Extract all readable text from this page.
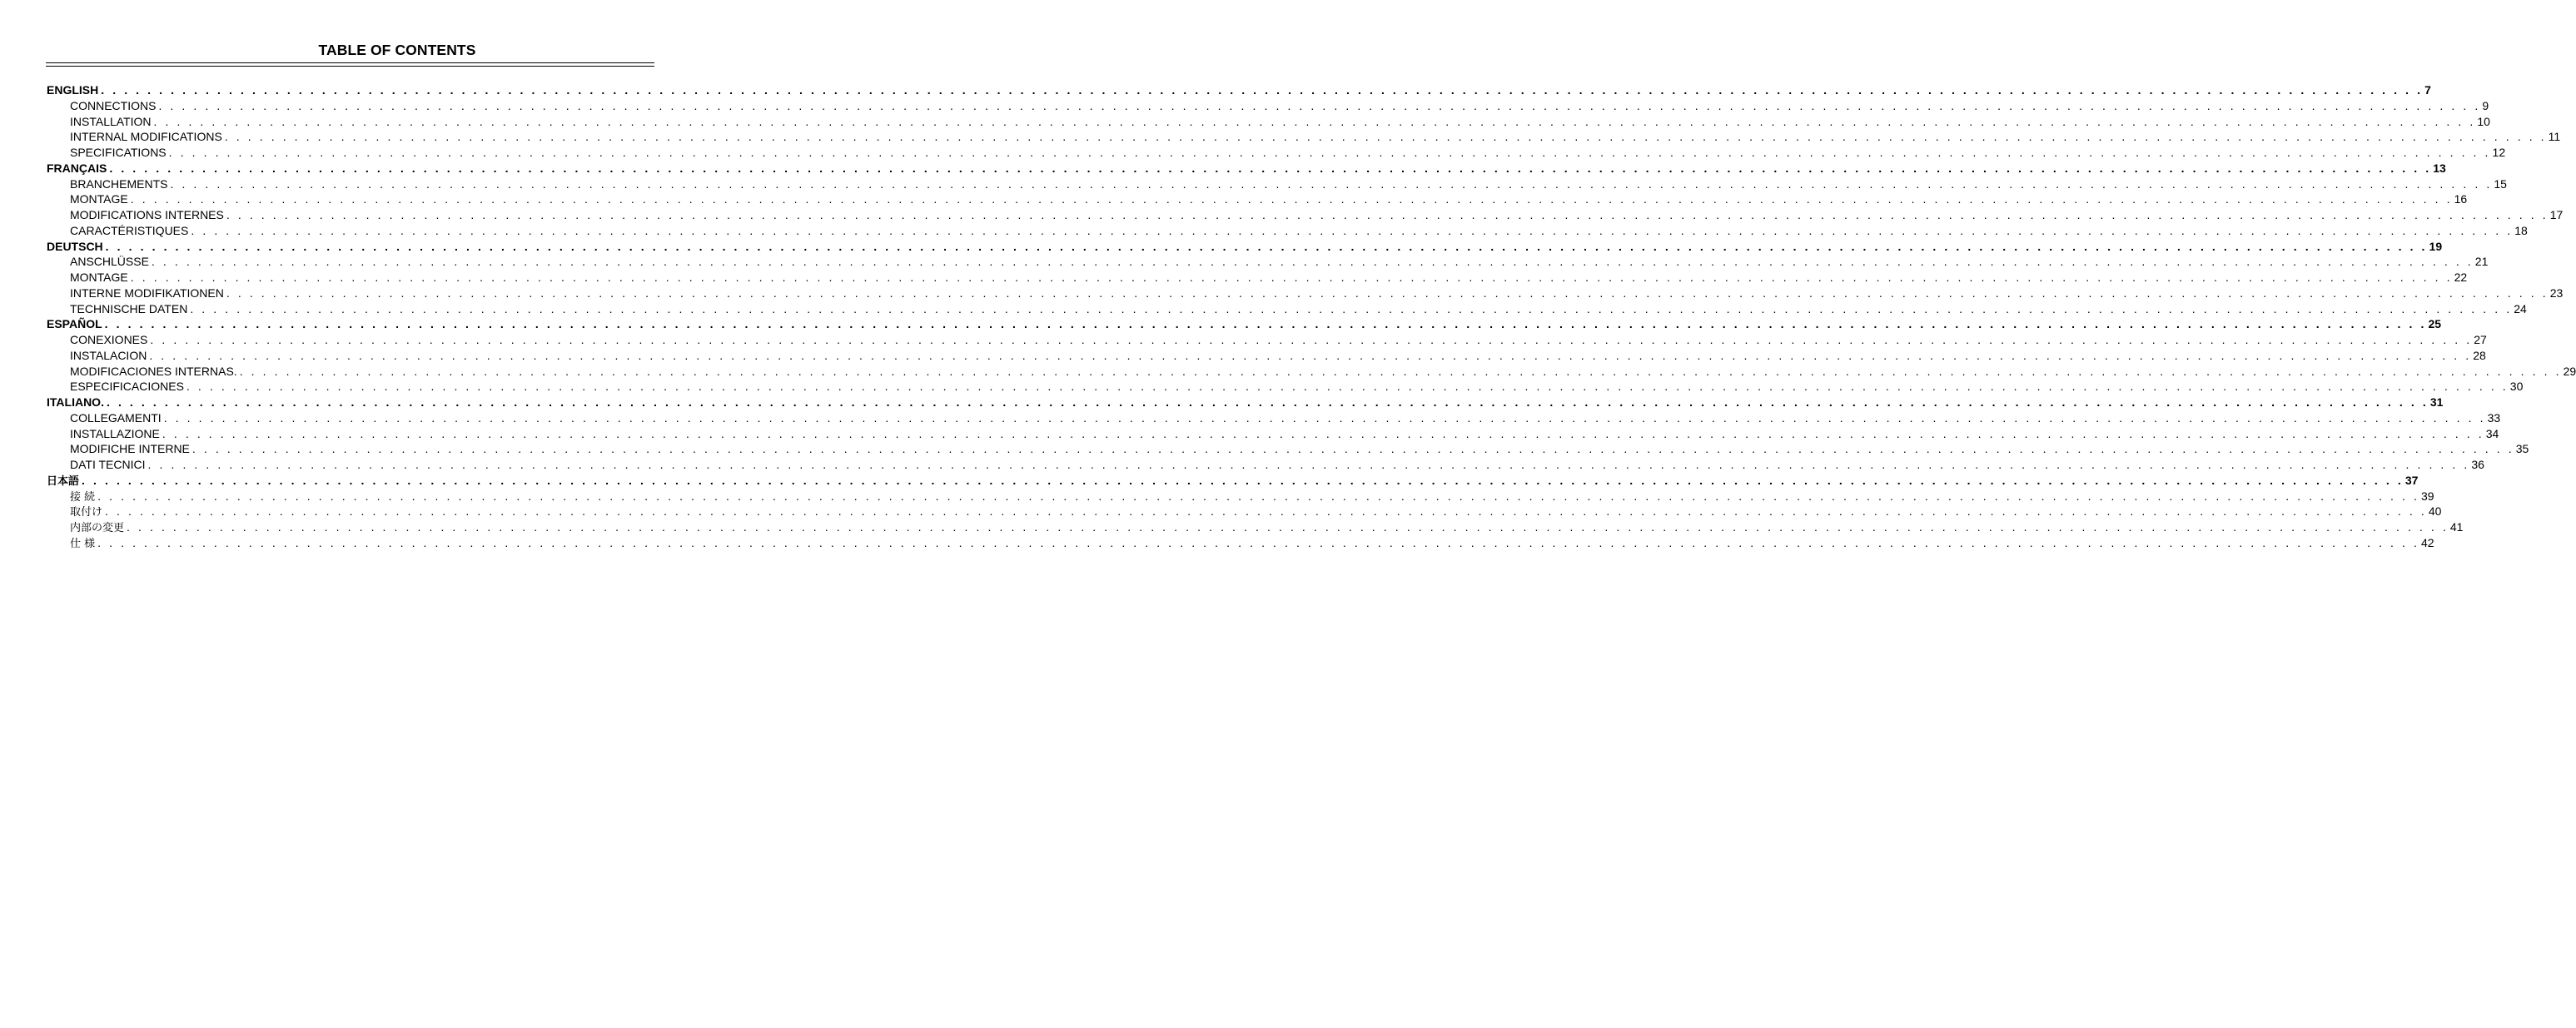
TABLE OF CONTENTS
ENGLISH . . . . . . . . . . . . . . . . . . . . . . . . . . . . . . . . . . . . . . . . . . . . . . . . . . . . . . . . . . . . . . . . . . . . . . . . . . . . . . . . . . . . . . . . . . . . . . . . . . . . . . . . . . . . . . . . . . . . . . . . . . . . . . . . . . . . . . . . . . . . . . . . . . . . . . . . . . . . . . . . . . . . . . . . . . . . . . . . . . . . . . . . . . . . . . . . . . . . . . . . 7
CONNECTIONS . . . . . . . . . . . . . . . . . . . . . . . . . . . . . . . . . . . . . . . . . . . . . . . . . . . . . . . . . . . . . . . . . . . . . . . . . . . . . . . . . . . . . . . . . . . . . . . . . . . . . . . . . . . . . . . . . . . . . . . . . . . . . . . . . . . . . . . . . . . . . . . . . . . . . . . . . . . . . . . . . . . . . . . . . . . . . . . . . . . . . . . . . . . . . . . . . . . . . . . . 9
INSTALLATION . . . . . . . . . . . . . . . . . . . . . . . . . . . . . . . . . . . . . . . . . . . . . . . . . . . . . . . . . . . . . . . . . . . . . . . . . . . . . . . . . . . . . . . . . . . . . . . . . . . . . . . . . . . . . . . . . . . . . . . . . . . . . . . . . . . . . . . . . . . . . . . . . . . . . . . . . . . . . . . . . . . . . . . . . . . . . . . . . . . . . . . . . . . . . . . . . . . . . . . . 10
INTERNAL MODIFICATIONS . . . . . . . . . . . . . . . . . . . . . . . . . . . . . . . . . . . . . . . . . . . . . . . . . . . . . . . . . . . . . . . . . . . . . . . . . . . . . . . . . . . . . . . . . . . . . . . . . . . . . . . . . . . . . . . . . . . . . . . . . . . . . . . . . . . . . . . . . . . . . . . . . . . . . . . . . . . . . . . . . . . . . . . . . . . . . . . . . . . . . . . . . . . . . . . . . . . . . . . . 11
SPECIFICATIONS . . . . . . . . . . . . . . . . . . . . . . . . . . . . . . . . . . . . . . . . . . . . . . . . . . . . . . . . . . . . . . . . . . . . . . . . . . . . . . . . . . . . . . . . . . . . . . . . . . . . . . . . . . . . . . . . . . . . . . . . . . . . . . . . . . . . . . . . . . . . . . . . . . . . . . . . . . . . . . . . . . . . . . . . . . . . . . . . . . . . . . . . . . . . . . . . . . . . . . . . 12
FRANÇAIS . . . . . . . . . . . . . . . . . . . . . . . . . . . . . . . . . . . . . . . . . . . . . . . . . . . . . . . . . . . . . . . . . . . . . . . . . . . . . . . . . . . . . . . . . . . . . . . . . . . . . . . . . . . . . . . . . . . . . . . . . . . . . . . . . . . . . . . . . . . . . . . . . . . . . . . . . . . . . . . . . . . . . . . . . . . . . . . . . . . . . . . . . . . . . . . . . . . . . . . . 13
BRANCHEMENTS . . . . . . . . . . . . . . . . . . . . . . . . . . . . . . . . . . . . . . . . . . . . . . . . . . . . . . . . . . . . . . . . . . . . . . . . . . . . . . . . . . . . . . . . . . . . . . . . . . . . . . . . . . . . . . . . . . . . . . . . . . . . . . . . . . . . . . . . . . . . . . . . . . . . . . . . . . . . . . . . . . . . . . . . . . . . . . . . . . . . . . . . . . . . . . . . . . . . . . . . 15
MONTAGE . . . . . . . . . . . . . . . . . . . . . . . . . . . . . . . . . . . . . . . . . . . . . . . . . . . . . . . . . . . . . . . . . . . . . . . . . . . . . . . . . . . . . . . . . . . . . . . . . . . . . . . . . . . . . . . . . . . . . . . . . . . . . . . . . . . . . . . . . . . . . . . . . . . . . . . . . . . . . . . . . . . . . . . . . . . . . . . . . . . . . . . . . . . . . . . . . . . . . . . . 16
MODIFICATIONS INTERNES . . . . . . . . . . . . . . . . . . . . . . . . . . . . . . . . . . . . . . . . . . . . . . . . . . . . . . . . . . . . . . . . . . . . . . . . . . . . . . . . . . . . . . . . . . . . . . . . . . . . . . . . . . . . . . . . . . . . . . . . . . . . . . . . . . . . . . . . . . . . . . . . . . . . . . . . . . . . . . . . . . . . . . . . . . . . . . . . . . . . . . . . . . . . . . . . . . . . . . . . 17
CARACTÉRISTIQUES . . . . . . . . . . . . . . . . . . . . . . . . . . . . . . . . . . . . . . . . . . . . . . . . . . . . . . . . . . . . . . . . . . . . . . . . . . . . . . . . . . . . . . . . . . . . . . . . . . . . . . . . . . . . . . . . . . . . . . . . . . . . . . . . . . . . . . . . . . . . . . . . . . . . . . . . . . . . . . . . . . . . . . . . . . . . . . . . . . . . . . . . . . . . . . . . . . . . . . . . 18
DEUTSCH . . . . . . . . . . . . . . . . . . . . . . . . . . . . . . . . . . . . . . . . . . . . . . . . . . . . . . . . . . . . . . . . . . . . . . . . . . . . . . . . . . . . . . . . . . . . . . . . . . . . . . . . . . . . . . . . . . . . . . . . . . . . . . . . . . . . . . . . . . . . . . . . . . . . . . . . . . . . . . . . . . . . . . . . . . . . . . . . . . . . . . . . . . . . . . . . . . . . . . . . 19
ANSCHLÜSSE . . . . . . . . . . . . . . . . . . . . . . . . . . . . . . . . . . . . . . . . . . . . . . . . . . . . . . . . . . . . . . . . . . . . . . . . . . . . . . . . . . . . . . . . . . . . . . . . . . . . . . . . . . . . . . . . . . . . . . . . . . . . . . . . . . . . . . . . . . . . . . . . . . . . . . . . . . . . . . . . . . . . . . . . . . . . . . . . . . . . . . . . . . . . . . . . . . . . . . . . 21
MONTAGE . . . . . . . . . . . . . . . . . . . . . . . . . . . . . . . . . . . . . . . . . . . . . . . . . . . . . . . . . . . . . . . . . . . . . . . . . . . . . . . . . . . . . . . . . . . . . . . . . . . . . . . . . . . . . . . . . . . . . . . . . . . . . . . . . . . . . . . . . . . . . . . . . . . . . . . . . . . . . . . . . . . . . . . . . . . . . . . . . . . . . . . . . . . . . . . . . . . . . . . . 22
INTERNE MODIFIKATIONEN . . . . . . . . . . . . . . . . . . . . . . . . . . . . . . . . . . . . . . . . . . . . . . . . . . . . . . . . . . . . . . . . . . . . . . . . . . . . . . . . . . . . . . . . . . . . . . . . . . . . . . . . . . . . . . . . . . . . . . . . . . . . . . . . . . . . . . . . . . . . . . . . . . . . . . . . . . . . . . . . . . . . . . . . . . . . . . . . . . . . . . . . . . . . . . . . . . . . . . . . 23
TECHNISCHE DATEN . . . . . . . . . . . . . . . . . . . . . . . . . . . . . . . . . . . . . . . . . . . . . . . . . . . . . . . . . . . . . . . . . . . . . . . . . . . . . . . . . . . . . . . . . . . . . . . . . . . . . . . . . . . . . . . . . . . . . . . . . . . . . . . . . . . . . . . . . . . . . . . . . . . . . . . . . . . . . . . . . . . . . . . . . . . . . . . . . . . . . . . . . . . . . . . . . . . . . . . . 24
ESPAÑOL . . . . . . . . . . . . . . . . . . . . . . . . . . . . . . . . . . . . . . . . . . . . . . . . . . . . . . . . . . . . . . . . . . . . . . . . . . . . . . . . . . . . . . . . . . . . . . . . . . . . . . . . . . . . . . . . . . . . . . . . . . . . . . . . . . . . . . . . . . . . . . . . . . . . . . . . . . . . . . . . . . . . . . . . . . . . . . . . . . . . . . . . . . . . . . . . . . . . . . . . 25
CONEXIONES . . . . . . . . . . . . . . . . . . . . . . . . . . . . . . . . . . . . . . . . . . . . . . . . . . . . . . . . . . . . . . . . . . . . . . . . . . . . . . . . . . . . . . . . . . . . . . . . . . . . . . . . . . . . . . . . . . . . . . . . . . . . . . . . . . . . . . . . . . . . . . . . . . . . . . . . . . . . . . . . . . . . . . . . . . . . . . . . . . . . . . . . . . . . . . . . . . . . . . . . 27
INSTALACION . . . . . . . . . . . . . . . . . . . . . . . . . . . . . . . . . . . . . . . . . . . . . . . . . . . . . . . . . . . . . . . . . . . . . . . . . . . . . . . . . . . . . . . . . . . . . . . . . . . . . . . . . . . . . . . . . . . . . . . . . . . . . . . . . . . . . . . . . . . . . . . . . . . . . . . . . . . . . . . . . . . . . . . . . . . . . . . . . . . . . . . . . . . . . . . . . . . . . . . . 28
MODIFICACIONES INTERNAS. . . . . . . . . . . . . . . . . . . . . . . . . . . . . . . . . . . . . . . . . . . . . . . . . . . . . . . . . . . . . . . . . . . . . . . . . . . . . . . . . . . . . . . . . . . . . . . . . . . . . . . . . . . . . . . . . . . . . . . . . . . . . . . . . . . . . . . . . . . . . . . . . . . . . . . . . . . . . . . . . . . . . . . . . . . . . . . . . . . . . . . . . . . . . . . . . . . . . . . . . 29
ESPECIFICACIONES . . . . . . . . . . . . . . . . . . . . . . . . . . . . . . . . . . . . . . . . . . . . . . . . . . . . . . . . . . . . . . . . . . . . . . . . . . . . . . . . . . . . . . . . . . . . . . . . . . . . . . . . . . . . . . . . . . . . . . . . . . . . . . . . . . . . . . . . . . . . . . . . . . . . . . . . . . . . . . . . . . . . . . . . . . . . . . . . . . . . . . . . . . . . . . . . . . . . . . . . 30
ITALIANO. . . . . . . . . . . . . . . . . . . . . . . . . . . . . . . . . . . . . . . . . . . . . . . . . . . . . . . . . . . . . . . . . . . . . . . . . . . . . . . . . . . . . . . . . . . . . . . . . . . . . . . . . . . . . . . . . . . . . . . . . . . . . . . . . . . . . . . . . . . . . . . . . . . . . . . . . . . . . . . . . . . . . . . . . . . . . . . . . . . . . . . . . . . . . . . . . . . . . . . . . 31
COLLEGAMENTI . . . . . . . . . . . . . . . . . . . . . . . . . . . . . . . . . . . . . . . . . . . . . . . . . . . . . . . . . . . . . . . . . . . . . . . . . . . . . . . . . . . . . . . . . . . . . . . . . . . . . . . . . . . . . . . . . . . . . . . . . . . . . . . . . . . . . . . . . . . . . . . . . . . . . . . . . . . . . . . . . . . . . . . . . . . . . . . . . . . . . . . . . . . . . . . . . . . . . . . . 33
INSTALLAZIONE . . . . . . . . . . . . . . . . . . . . . . . . . . . . . . . . . . . . . . . . . . . . . . . . . . . . . . . . . . . . . . . . . . . . . . . . . . . . . . . . . . . . . . . . . . . . . . . . . . . . . . . . . . . . . . . . . . . . . . . . . . . . . . . . . . . . . . . . . . . . . . . . . . . . . . . . . . . . . . . . . . . . . . . . . . . . . . . . . . . . . . . . . . . . . . . . . . . . . . . . 34
MODIFICHE INTERNE . . . . . . . . . . . . . . . . . . . . . . . . . . . . . . . . . . . . . . . . . . . . . . . . . . . . . . . . . . . . . . . . . . . . . . . . . . . . . . . . . . . . . . . . . . . . . . . . . . . . . . . . . . . . . . . . . . . . . . . . . . . . . . . . . . . . . . . . . . . . . . . . . . . . . . . . . . . . . . . . . . . . . . . . . . . . . . . . . . . . . . . . . . . . . . . . . . . . . . . . 35
DATI TECNICI . . . . . . . . . . . . . . . . . . . . . . . . . . . . . . . . . . . . . . . . . . . . . . . . . . . . . . . . . . . . . . . . . . . . . . . . . . . . . . . . . . . . . . . . . . . . . . . . . . . . . . . . . . . . . . . . . . . . . . . . . . . . . . . . . . . . . . . . . . . . . . . . . . . . . . . . . . . . . . . . . . . . . . . . . . . . . . . . . . . . . . . . . . . . . . . . . . . . . . . . 36
日本語 . . . . . . . . . . . . . . . . . . . . . . . . . . . . . . . . . . . . . . . . . . . . . . . . . . . . . . . . . . . . . . . . . . . . . . . . . . . . . . . . . . . . . . . . . . . . . . . . . . . . . . . . . . . . . . . . . . . . . . . . . . . . . . . . . . . . . . . . . . . . . . . . . . . . . . . . . . . . . . . . . . . . . . . . . . . . . . . . . . . . . . . . . . . . . . . . . . . . . . . . 37
接 続 . . . . . . . . . . . . . . . . . . . . . . . . . . . . . . . . . . . . . . . . . . . . . . . . . . . . . . . . . . . . . . . . . . . . . . . . . . . . . . . . . . . . . . . . . . . . . . . . . . . . . . . . . . . . . . . . . . . . . . . . . . . . . . . . . . . . . . . . . . . . . . . . . . . . . . . . . . . . . . . . . . . . . . . . . . . . . . . . . . . . . . . . . . . . . . . . . . . . . . . . 39
取付け . . . . . . . . . . . . . . . . . . . . . . . . . . . . . . . . . . . . . . . . . . . . . . . . . . . . . . . . . . . . . . . . . . . . . . . . . . . . . . . . . . . . . . . . . . . . . . . . . . . . . . . . . . . . . . . . . . . . . . . . . . . . . . . . . . . . . . . . . . . . . . . . . . . . . . . . . . . . . . . . . . . . . . . . . . . . . . . . . . . . . . . . . . . . . . . . . . . . . . . . 40
内部の変更 . . . . . . . . . . . . . . . . . . . . . . . . . . . . . . . . . . . . . . . . . . . . . . . . . . . . . . . . . . . . . . . . . . . . . . . . . . . . . . . . . . . . . . . . . . . . . . . . . . . . . . . . . . . . . . . . . . . . . . . . . . . . . . . . . . . . . . . . . . . . . . . . . . . . . . . . . . . . . . . . . . . . . . . . . . . . . . . . . . . . . . . . . . . . . . . . . . . . . . . . 41
仕 様 . . . . . . . . . . . . . . . . . . . . . . . . . . . . . . . . . . . . . . . . . . . . . . . . . . . . . . . . . . . . . . . . . . . . . . . . . . . . . . . . . . . . . . . . . . . . . . . . . . . . . . . . . . . . . . . . . . . . . . . . . . . . . . . . . . . . . . . . . . . . . . . . . . . . . . . . . . . . . . . . . . . . . . . . . . . . . . . . . . . . . . . . . . . . . . . . . . . . . . . . 42
